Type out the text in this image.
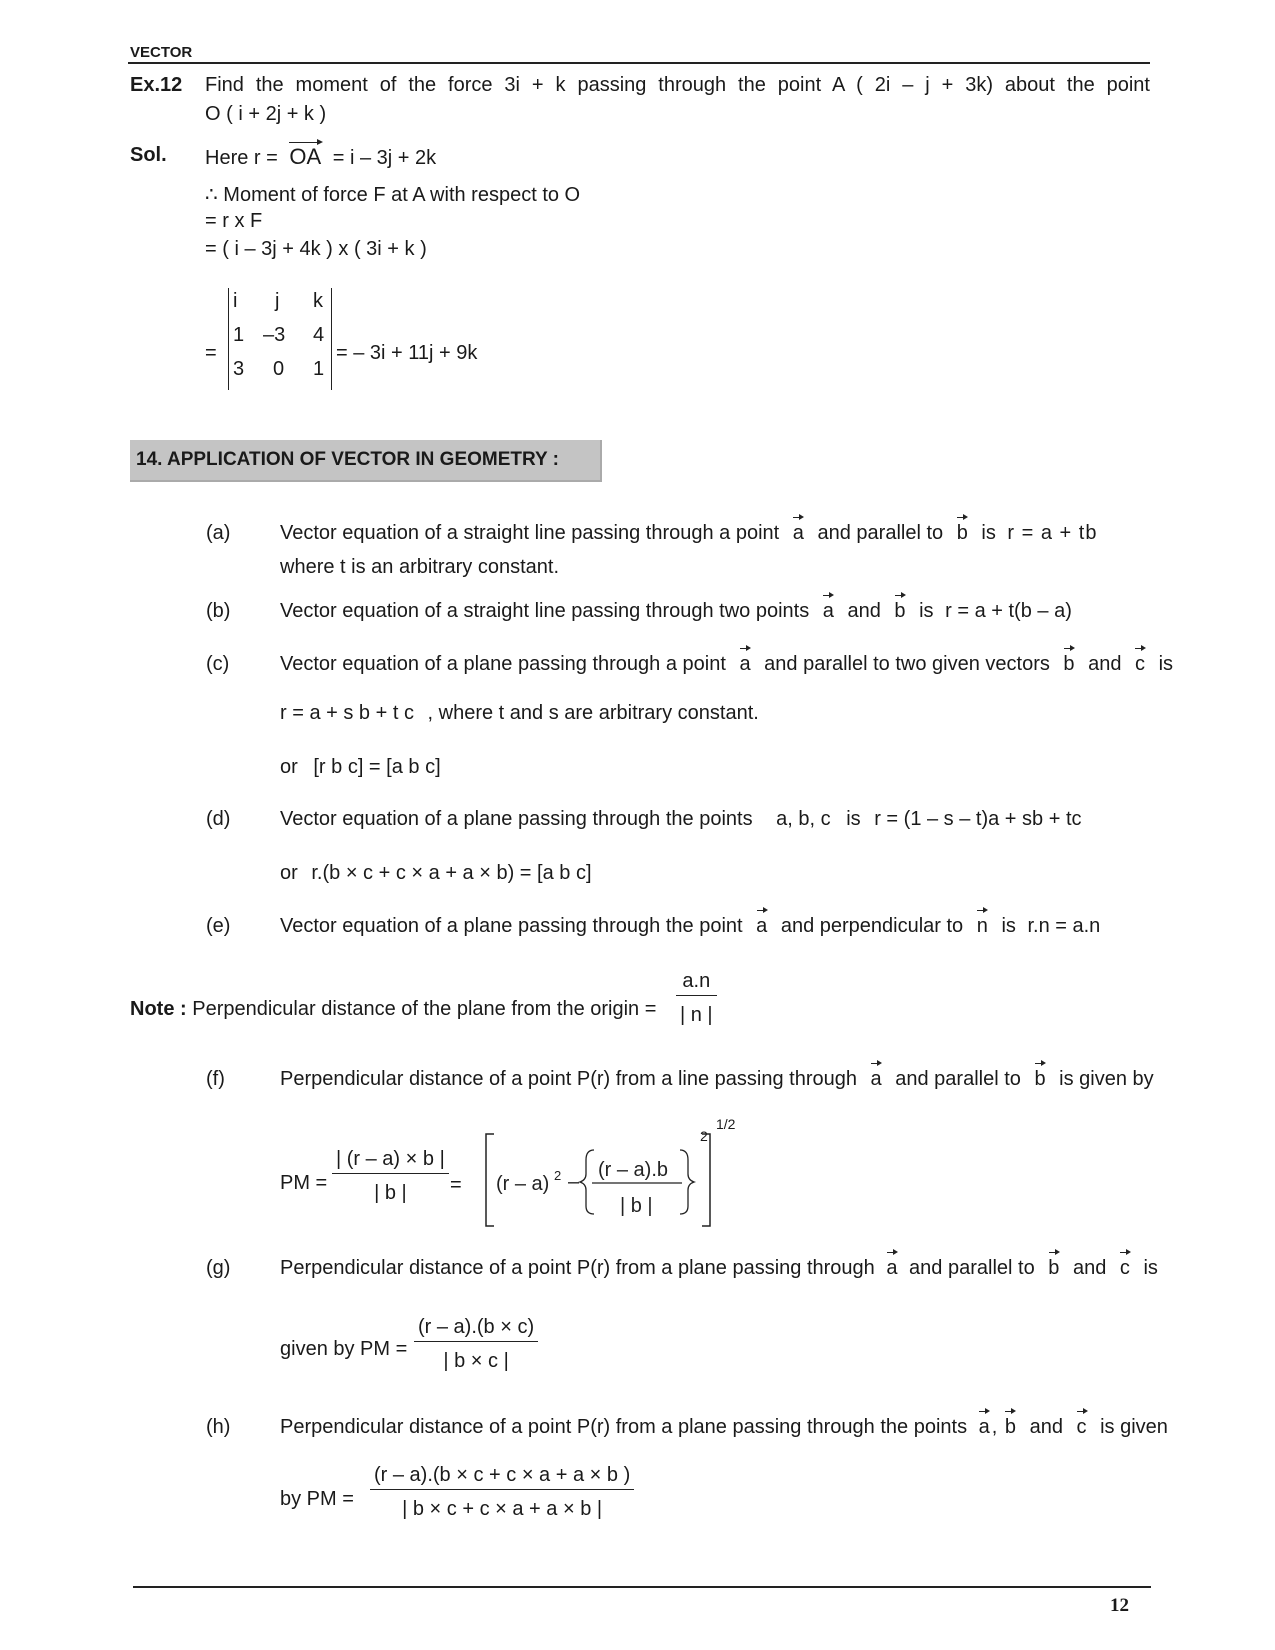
VECTOR
Ex.12 Find the moment of the force 3i + k passing through the point A ( 2i – j + 3k) about the point
O ( i + 2j + k )
Sol. Here r = OA = i – 3j + 2k
∴ Moment of force F at A with respect to O
= r x F
= ( i – 3j + 4k ) x ( 3i + k )
=
i j k
1 –3 4
3 0 1
= – 3i + 11j + 9k
14. APPLICATION OF VECTOR IN GEOMETRY :
(a) Vector equation of a straight line passing through a point a and parallel to b is r = a + tb
where t is an arbitrary constant.
(b) Vector equation of a straight line passing through two points a and b is r = a + t(b – a)
(c)	Vector equation of a plane passing through a point a and parallel to two given vectors b and c is
r = a + s b + t c , where t and s are arbitrary constant.
or [r b c] = [a b c]
(d) Vector equation of a plane passing through the points a, b, c is r = (1 – s – t)a + sb + tc
or r.(b × c + c × a + a × b) = [a b c]
(e) Vector equation of a plane passing through the point a and perpendicular to n is r.n = a.n
Note : Perpendicular distance of the plane from the origin = $\frac{a.n}{| n |}$
(f)	Perpendicular distance of a point P(r) from a line passing through a and parallel to b is given by
PM = $\frac{| (r - a) \times b |}{| b |} = (r - a)$ 2 –
(r – a).b
| b |
2
1/2
(g) Perpendicular distance of a point P(r) from a plane passing through a and parallel to b and c is
given by PM = $\frac{(r - a).(b \times c)}{| b \times c |}$
(h) Perpendicular distance of a point P(r) from a plane passing through the points a , b and c is given
by PM = $\frac{(r - a).(b \times c + c \times a + a \times b )}{| b \times c + c \times a + a \times b |}$
12
